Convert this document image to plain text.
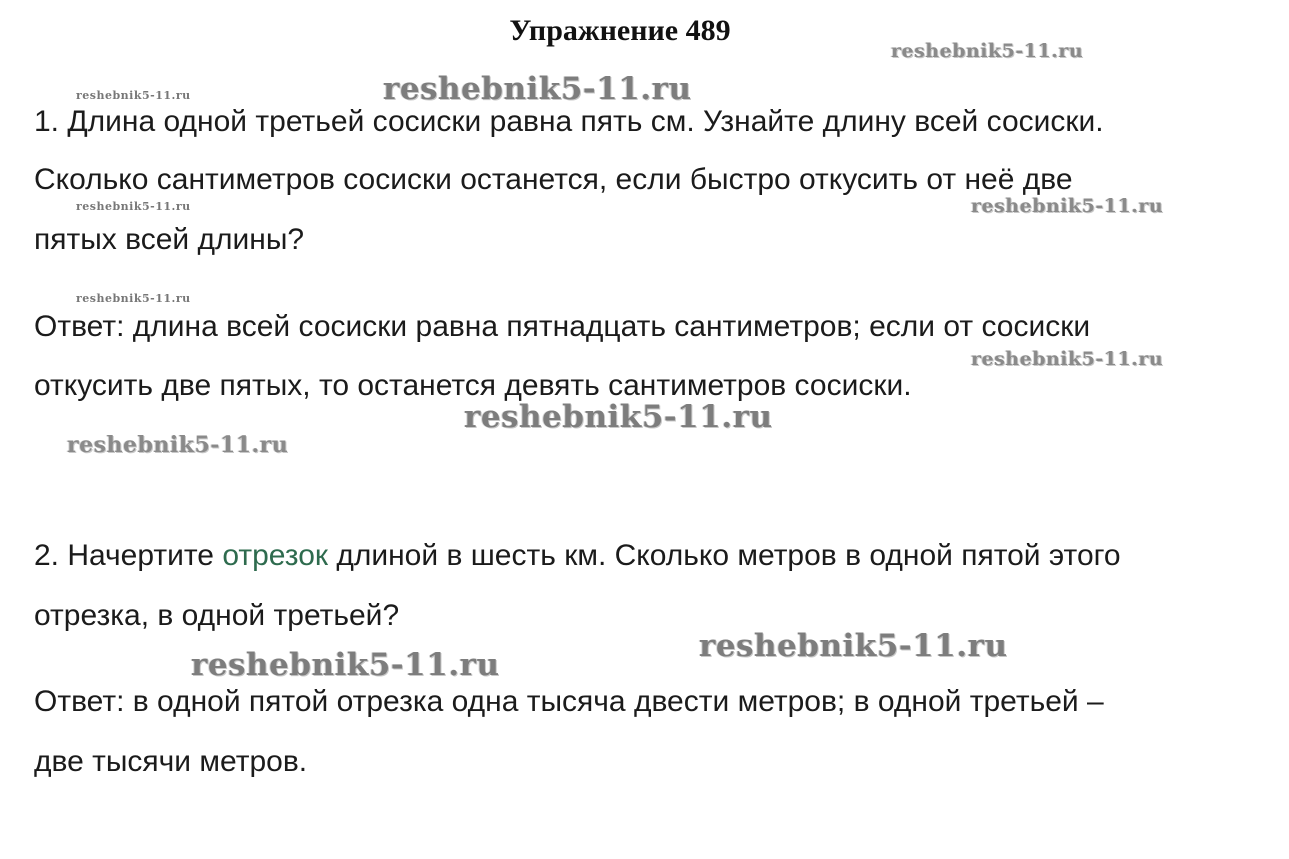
Упражнение 489
reshebnik5-11.ru
reshebnik5-11.ru	reshebnik5-11.ru
reshebnik5-11.ru	reshebnik5-11.ru
reshebnik5-11.ru
reshebnik5-11.ru
reshebnik5-11.ru
reshebnik5-11.ru
reshebnik5-11.ru
reshebnik5-11.ru
1. Длина одной третьей сосиски равна пять см. Узнайте длину всей сосиски.
Сколько сантиметров сосиски останется, если быстро откусить от неё две
пятых всей длины?
Ответ: длина всей сосиски равна пятнадцать сантиметров; если от сосиски
откусить две пятых, то останется девять сантиметров сосиски.
2. Начертите отрезок длиной в шесть км. Сколько метров в одной пятой этого
отрезка, в одной третьей?
Ответ: в одной пятой отрезка одна тысяча двести метров; в одной третьей –
две тысячи метров.
